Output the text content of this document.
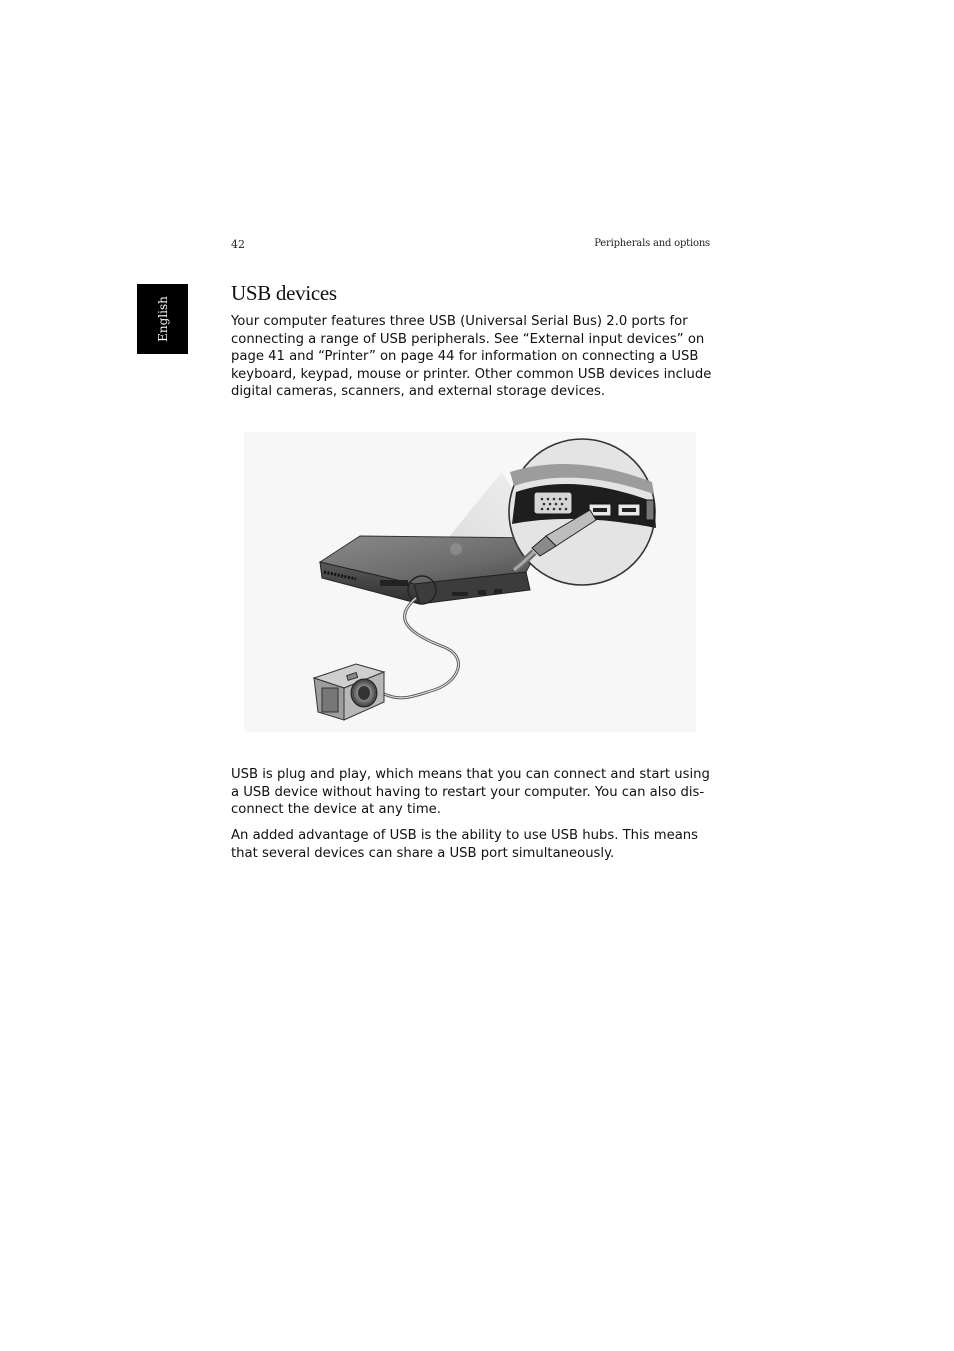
42	Peripherals and options
English
USB devices

Your computer features three USB (Universal Serial Bus) 2.0 ports for connecting a range of USB peripherals. See “External input devices” on page 41 and “Printer” on page 44 for information on connecting a USB keyboard, keypad, mouse or printer. Other common USB devices include digital cameras, scanners, and external storage devices.

USB is plug and play, which means that you can connect and start using a USB device without having to restart your computer. You can also dis-connect the device at any time.

An added advantage of USB is the ability to use USB hubs. This means that several devices can share a USB port simultaneously.
